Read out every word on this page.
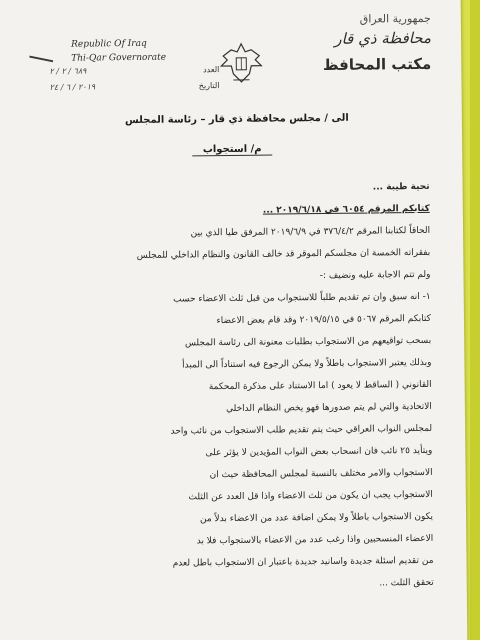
Republic Of Iraq
Thi-Qar Governorate
العدد
٦٨٩ / ٢ / ٢
التاريخ
٢٠١٩ / ٦ / ٢٤
جمهورية العراق
محافظة ذي قار
مكتب المحافظ
الى / مجلس محافظة ذي قار – رئاسة المجلس
م/ استجواب

تحية طيبة ...

كتابكم المرقم ٦٠٥٤ في ٢٠١٩/٦/١٨ ...

الحاقاً لكتابنا المرقم ٣٧٦/٤/٢ في ٢٠١٩/٦/٩ المرفق طيا الذي بين

بفقراته الخمسة ان مجلسكم الموقر قد خالف القانون والنظام الداخلي للمجلس

ولم تتم الاجابة عليه ونضيف :-

١- انه سبق وان تم تقديم طلباً للاستجواب من قبل ثلث الاعضاء حسب

كتابكم المرقم ٥٠٦٧ في ٢٠١٩/٥/١٥ وقد قام بعض الاعضاء

بسحب تواقيعهم من الاستجواب بطلبات معنونة الى رئاسة المجلس

وبذلك يعتبر الاستجواب باطلاً ولا يمكن الرجوع فيه استناداً الى المبدأ

القانوني ( الساقط لا يعود ) اما الاستناد على مذكرة المحكمة

الاتحادية والتي لم يتم صدورها فهو يخص النظام الداخلي

لمجلس النواب العراقي حيث يتم تقديم طلب الاستجواب من نائب واحد

ويتأيد ٢٥ نائب فان انسحاب بعض النواب المؤيدين لا يؤثر على

الاستجواب والامر مختلف بالنسبة لمجلس المحافظة حيث ان

الاستجواب يجب ان يكون من ثلث الاعضاء واذا قل العدد عن الثلث

يكون الاستجواب باطلاً ولا يمكن اضافة عدد من الاعضاء بدلاً من

الاعضاء المنسحبين واذا رغب عدد من الاعضاء بالاستجواب فلا بد

من تقديم اسئلة جديدة واسانيد جديدة باعتبار ان الاستجواب باطل لعدم

تحقق الثلث ...
